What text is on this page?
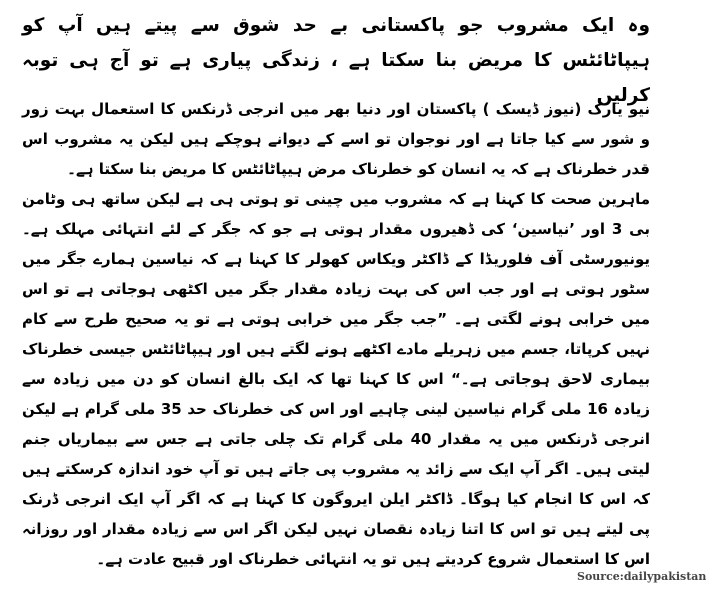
وہ ایک مشروب جو پاکستانی بے حد شوق سے پیتے ہیں آپ کو ہیپاٹائٹس کا مریض بنا سکتا ہے ، زندگی پیاری ہے تو آج ہی توبہ کرلیں
نیو یارک (نیوز ڈیسک ) پاکستان اور دنیا بھر میں انرجی ڈرنکس کا استعمال بہت زور و شور سے کیا جاتا ہے اور نوجوان تو اسے کے دیوانے ہوچکے ہیں لیکن یہ مشروب اس قدر خطرناک ہے کہ یہ انسان کو خطرناک مرض ہیپاٹائٹس کا مریض بنا سکتا ہے۔
ماہرین صحت کا کہنا ہے کہ مشروب میں چینی تو ہوتی ہی ہے لیکن ساتھ ہی وٹامن بی 3 اور ’نیاسین‘ کی ڈھیروں مقدار ہوتی ہے جو کہ جگر کے لئے انتہائی مہلک ہے۔ یونیورسٹی آف فلوریڈا کے ڈاکٹر ویکاس کھولر کا کہنا ہے کہ نیاسین ہمارے جگر میں سٹور ہوتی ہے اور جب اس کی بہت زیادہ مقدار جگر میں اکٹھی ہوجاتی ہے تو اس میں خرابی ہونے لگتی ہے۔ ”جب جگر میں خرابی ہوتی ہے تو یہ صحیح طرح سے کام نہیں کرپاتا، جسم میں زہریلے مادے اکٹھے ہونے لگتے ہیں اور ہیپاٹائٹس جیسی خطرناک بیماری لاحق ہوجاتی ہے۔“ اس کا کہنا تھا کہ ایک بالغ انسان کو دن میں زیادہ سے زیادہ 16 ملی گرام نیاسین لینی چاہیے اور اس کی خطرناک حد 35 ملی گرام ہے لیکن انرجی ڈرنکس میں یہ مقدار 40 ملی گرام تک چلی جاتی ہے جس سے بیماریاں جنم لیتی ہیں۔ اگر آپ ایک سے زائد یہ مشروب پی جاتے ہیں تو آپ خود اندازہ کرسکتے ہیں کہ اس کا انجام کیا ہوگا۔ ڈاکٹر ایلن ایروگون کا کہنا ہے کہ اگر آپ ایک انرجی ڈرنک پی لیتے ہیں تو اس کا اتنا زیادہ نقصان نہیں لیکن اگر اس سے زیادہ مقدار اور روزانہ اس کا استعمال شروع کردیتے ہیں تو یہ انتہائی خطرناک اور قبیح عادت ہے۔
Source:dailypakistan
